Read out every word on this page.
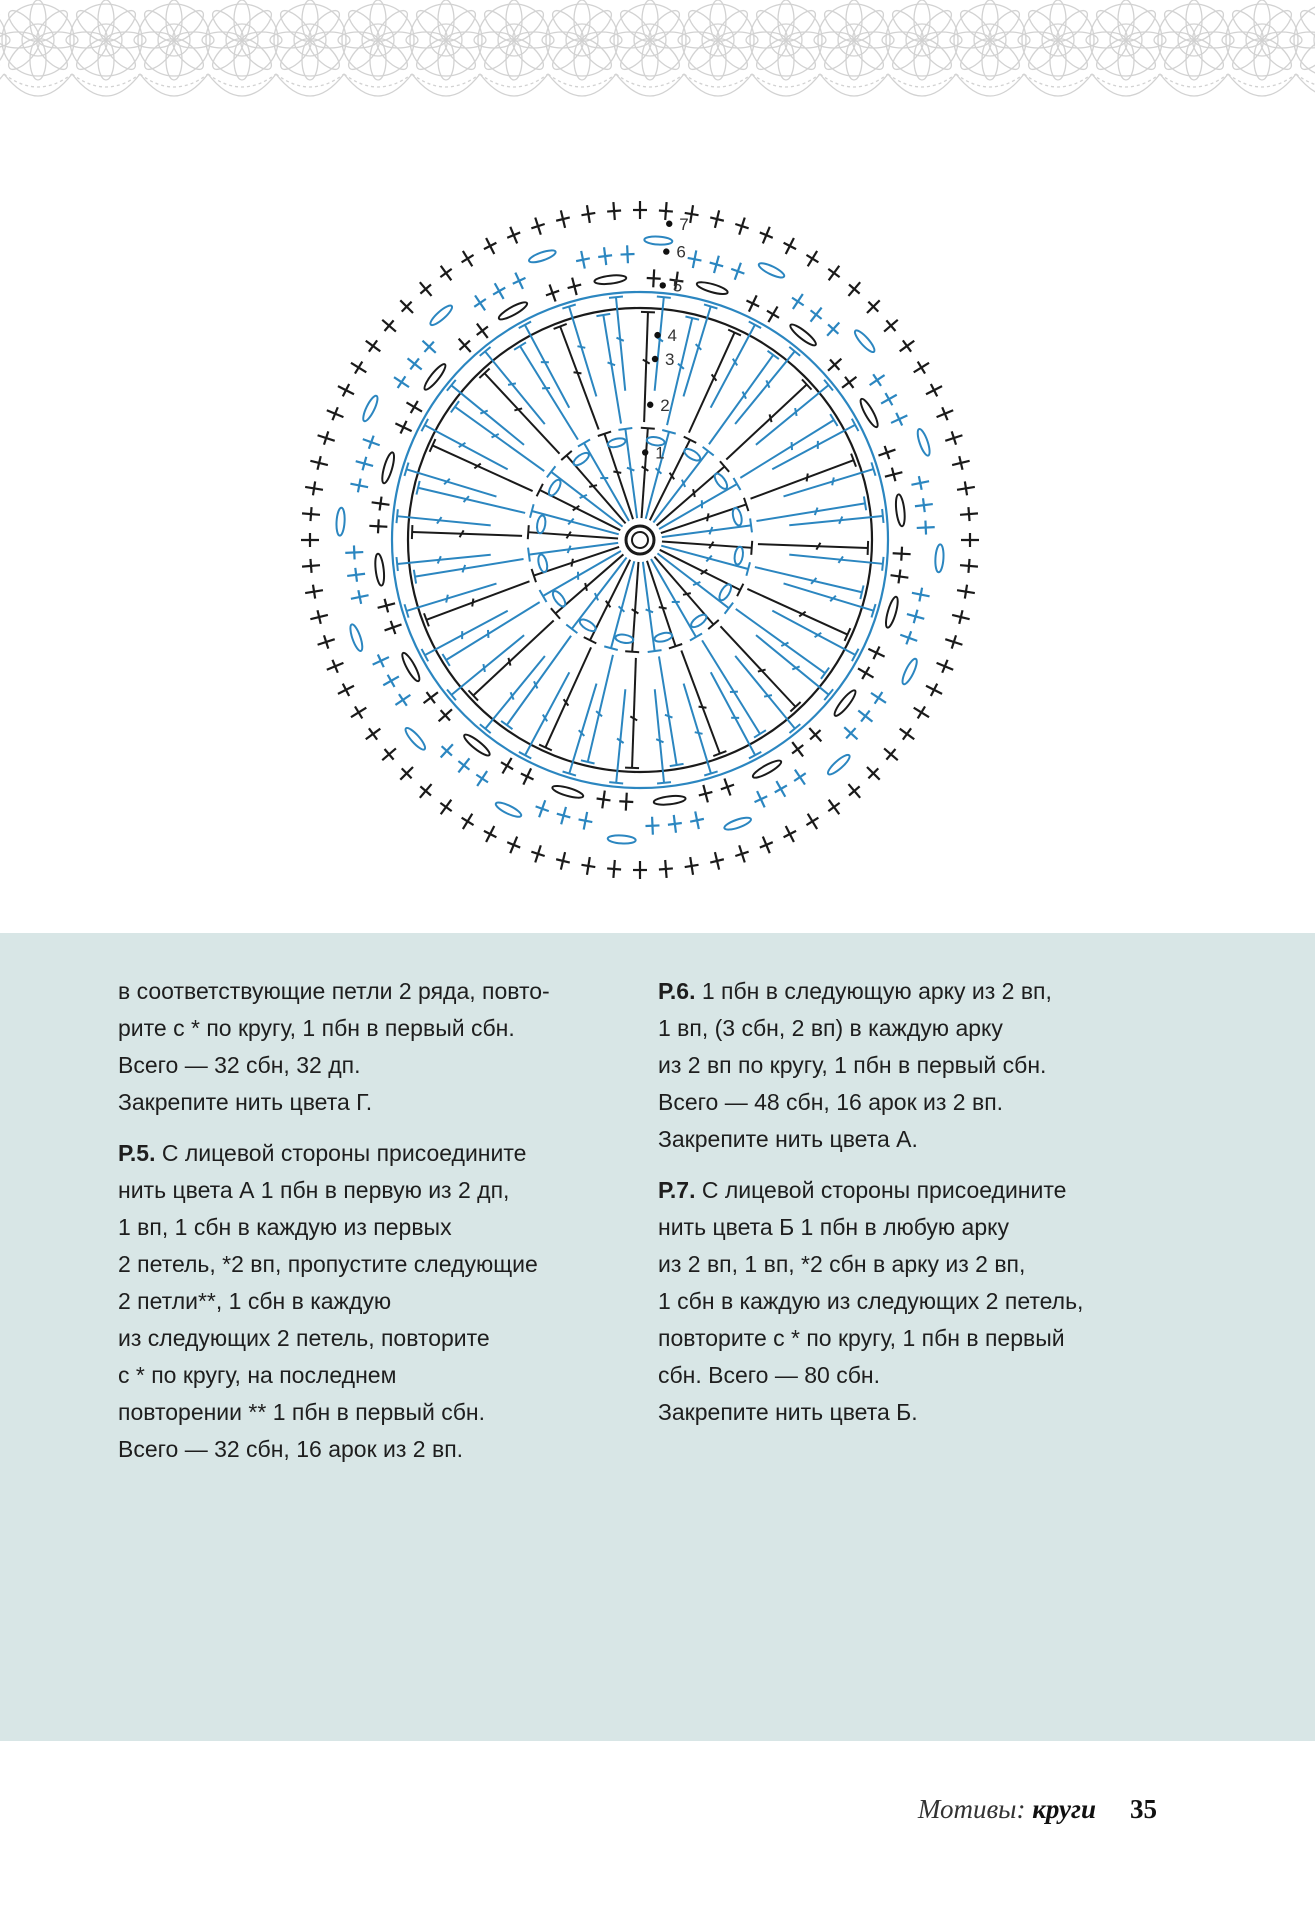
1
2
3
4
5
6
7
в соответствующие петли 2 ряда, повто-
рите с * по кругу, 1 пбн в первый сбн.
Всего — 32 сбн, 32 дп.
Закрепите нить цвета Г.
Р.5. С лицевой стороны присоедините
нить цвета А 1 пбн в первую из 2 дп,
1 вп, 1 сбн в каждую из первых
2 петель, *2 вп, пропустите следующие
2 петли**, 1 сбн в каждую
из следующих 2 петель, повторите
с * по кругу, на последнем
повторении ** 1 пбн в первый сбн.
Всего — 32 сбн, 16 арок из 2 вп.
Р.6. 1 пбн в следующую арку из 2 вп,
1 вп, (3 сбн, 2 вп) в каждую арку
из 2 вп по кругу, 1 пбн в первый сбн.
Всего — 48 сбн, 16 арок из 2 вп.
Закрепите нить цвета А.
Р.7. С лицевой стороны присоедините
нить цвета Б 1 пбн в любую арку
из 2 вп, 1 вп, *2 сбн в арку из 2 вп,
1 сбн в каждую из следующих 2 петель,
повторите с * по кругу, 1 пбн в первый
сбн. Всего — 80 сбн.
Закрепите нить цвета Б.
Мотивы: круги 35
